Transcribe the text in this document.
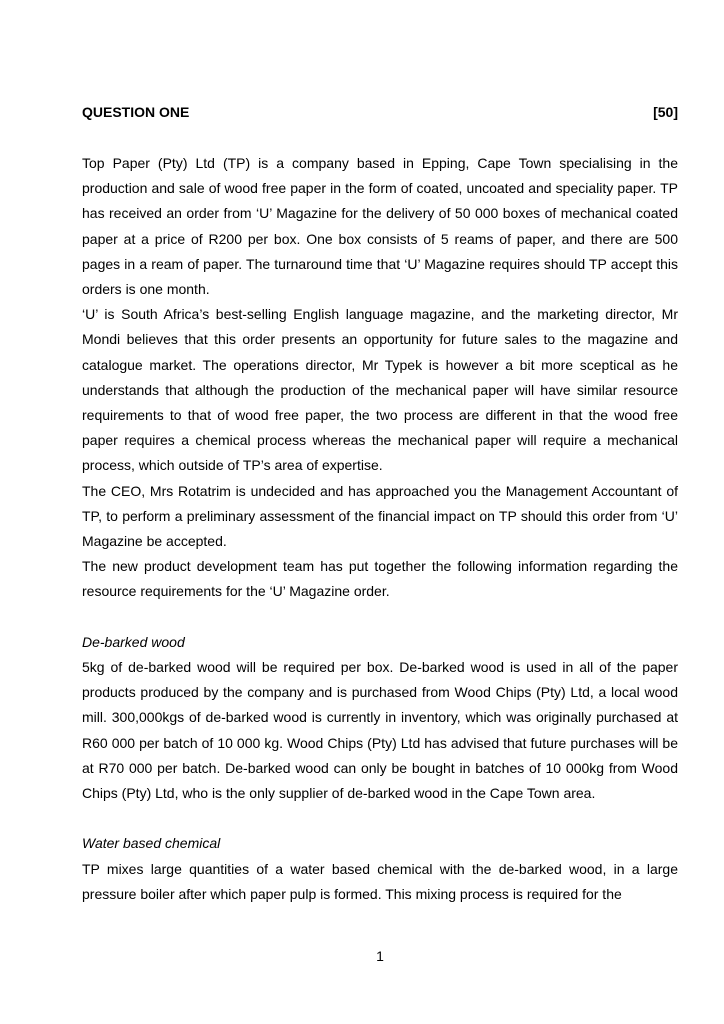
QUESTION ONE	[50]

Top Paper (Pty) Ltd (TP) is a company based in Epping, Cape Town specialising in the production and sale of wood free paper in the form of coated, uncoated and speciality paper. TP has received an order from ‘U’ Magazine for the delivery of 50 000 boxes of mechanical coated paper at a price of R200 per box. One box consists of 5 reams of paper, and there are 500 pages in a ream of paper. The turnaround time that ‘U’ Magazine requires should TP accept this orders is one month.

‘U’ is South Africa’s best-selling English language magazine, and the marketing director, Mr Mondi believes that this order presents an opportunity for future sales to the magazine and catalogue market. The operations director, Mr Typek is however a bit more sceptical as he understands that although the production of the mechanical paper will have similar resource requirements to that of wood free paper, the two process are different in that the wood free paper requires a chemical process whereas the mechanical paper will require a mechanical process, which outside of TP’s area of expertise.

The CEO, Mrs Rotatrim is undecided and has approached you the Management Accountant of TP, to perform a preliminary assessment of the financial impact on TP should this order from ‘U’ Magazine be accepted.

The new product development team has put together the following information regarding the resource requirements for the ‘U’ Magazine order.

De-barked wood

5kg of de-barked wood will be required per box. De-barked wood is used in all of the paper products produced by the company and is purchased from Wood Chips (Pty) Ltd, a local wood mill. 300,000kgs of de-barked wood is currently in inventory, which was originally purchased at R60 000 per batch of 10 000 kg. Wood Chips (Pty) Ltd has advised that future purchases will be at R70 000 per batch. De-barked wood can only be bought in batches of 10 000kg from Wood Chips (Pty) Ltd, who is the only supplier of de-barked wood in the Cape Town area.

Water based chemical

TP mixes large quantities of a water based chemical with the de-barked wood, in a large pressure boiler after which paper pulp is formed. This mixing process is required for the

1
